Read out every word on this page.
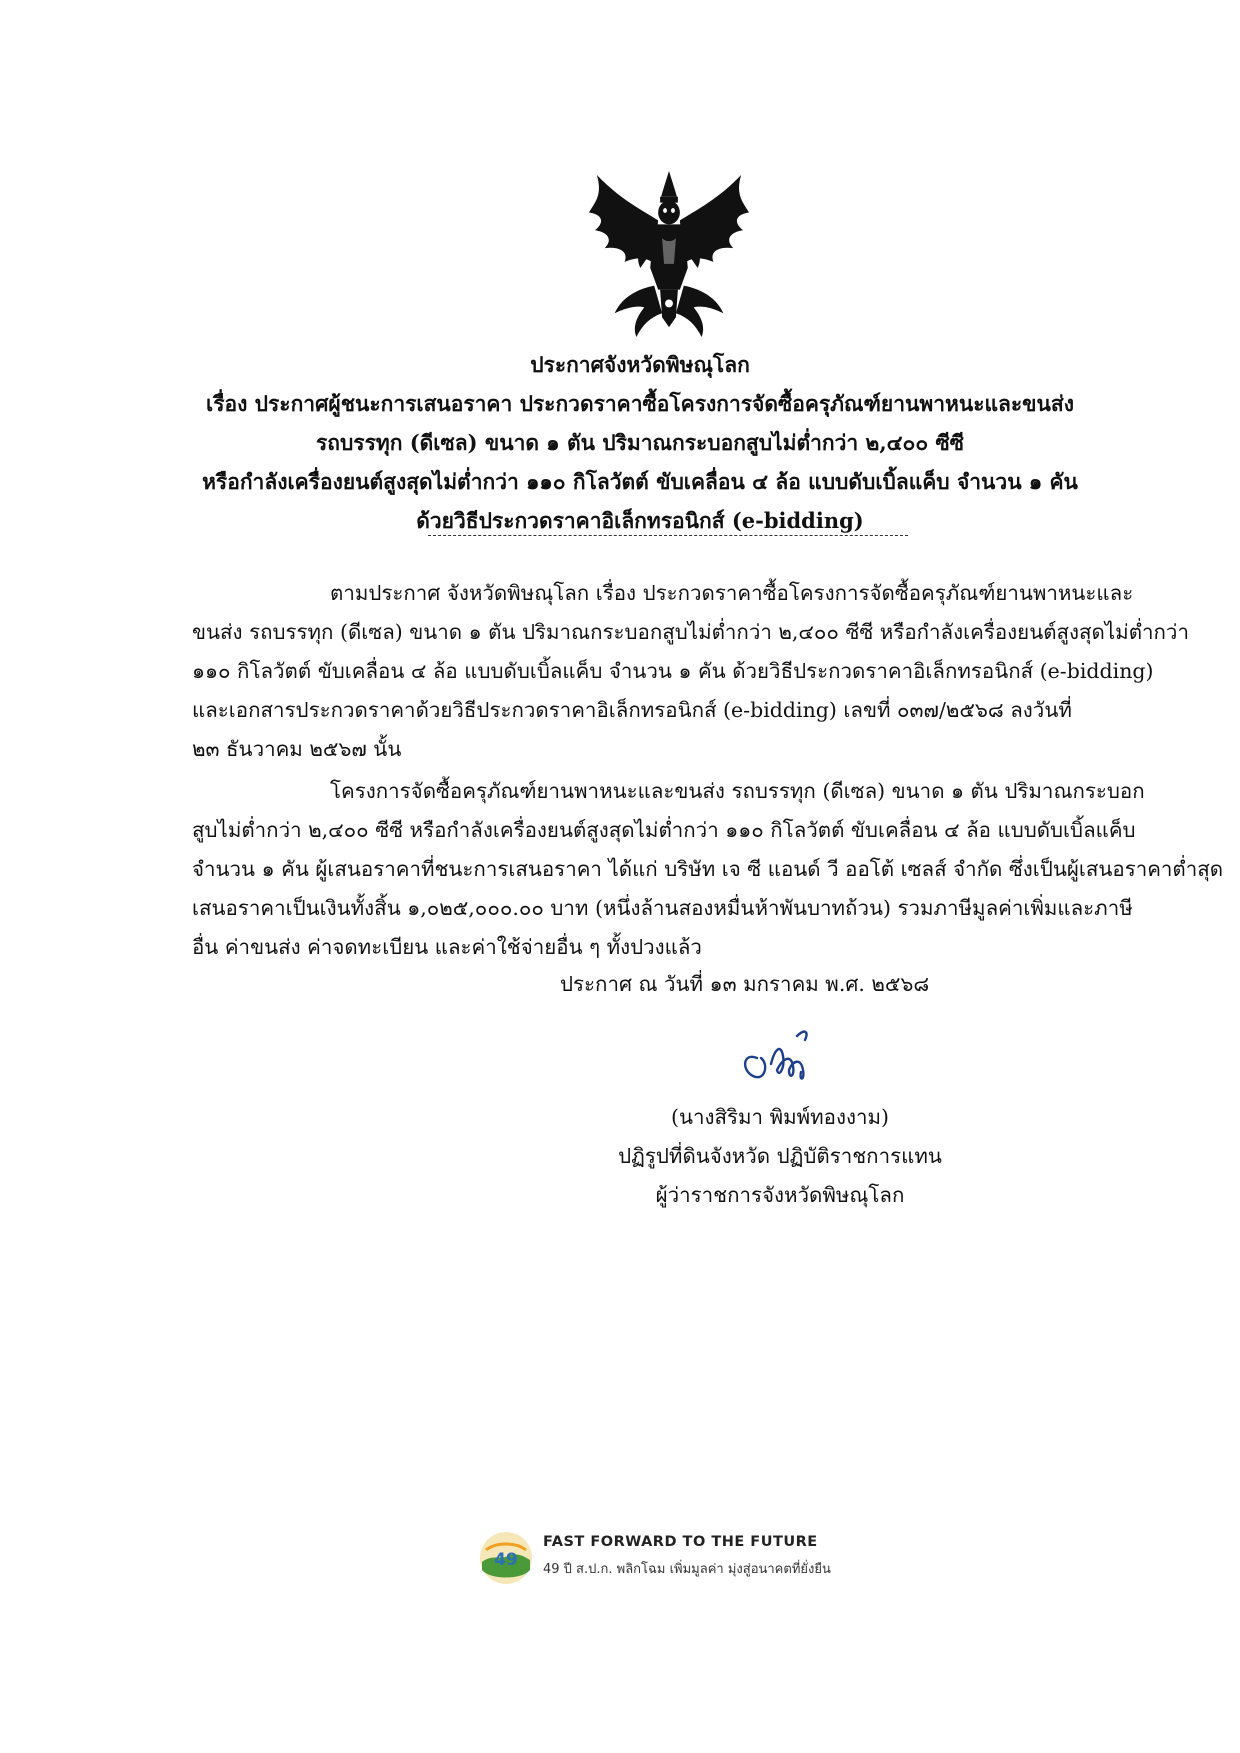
ประกาศจังหวัดพิษณุโลก
เรื่อง ประกาศผู้ชนะการเสนอราคา ประกวดราคาซื้อโครงการจัดซื้อครุภัณฑ์ยานพาหนะและขนส่ง
รถบรรทุก (ดีเซล) ขนาด ๑ ตัน ปริมาณกระบอกสูบไม่ต่ำกว่า ๒,๔๐๐ ซีซี
หรือกำลังเครื่องยนต์สูงสุดไม่ต่ำกว่า ๑๑๐ กิโลวัตต์ ขับเคลื่อน ๔ ล้อ แบบดับเบิ้ลแค็บ จำนวน ๑ คัน
ด้วยวิธีประกวดราคาอิเล็กทรอนิกส์ (e-bidding)
ตามประกาศ จังหวัดพิษณุโลก เรื่อง ประกวดราคาซื้อโครงการจัดซื้อครุภัณฑ์ยานพาหนะและ
ขนส่ง รถบรรทุก (ดีเซล) ขนาด ๑ ตัน ปริมาณกระบอกสูบไม่ต่ำกว่า ๒,๔๐๐ ซีซี หรือกำลังเครื่องยนต์สูงสุดไม่ต่ำกว่า
๑๑๐ กิโลวัตต์ ขับเคลื่อน ๔ ล้อ แบบดับเบิ้ลแค็บ จำนวน ๑ คัน ด้วยวิธีประกวดราคาอิเล็กทรอนิกส์ (e-bidding)
และเอกสารประกวดราคาด้วยวิธีประกวดราคาอิเล็กทรอนิกส์ (e-bidding) เลขที่ ๐๓๗/๒๕๖๘ ลงวันที่
๒๓ ธันวาคม ๒๕๖๗ นั้น
โครงการจัดซื้อครุภัณฑ์ยานพาหนะและขนส่ง รถบรรทุก (ดีเซล) ขนาด ๑ ตัน ปริมาณกระบอก
สูบไม่ต่ำกว่า ๒,๔๐๐ ซีซี หรือกำลังเครื่องยนต์สูงสุดไม่ต่ำกว่า ๑๑๐ กิโลวัตต์ ขับเคลื่อน ๔ ล้อ แบบดับเบิ้ลแค็บ
จำนวน ๑ คัน ผู้เสนอราคาที่ชนะการเสนอราคา ได้แก่ บริษัท เจ ซี แอนด์ วี ออโต้ เซลส์ จำกัด ซึ่งเป็นผู้เสนอราคาต่ำสุด
เสนอราคาเป็นเงินทั้งสิ้น ๑,๐๒๕,๐๐๐.๐๐ บาท (หนึ่งล้านสองหมื่นห้าพันบาทถ้วน) รวมภาษีมูลค่าเพิ่มและภาษี
อื่น ค่าขนส่ง ค่าจดทะเบียน และค่าใช้จ่ายอื่น ๆ ทั้งปวงแล้ว
ประกาศ ณ วันที่ ๑๓ มกราคม พ.ศ. ๒๕๖๘
(นางสิริมา พิมพ์ทองงาม)
ปฏิรูปที่ดินจังหวัด ปฏิบัติราชการแทน
ผู้ว่าราชการจังหวัดพิษณุโลก
49
FAST FORWARD TO THE FUTURE
49 ปี ส.ป.ก. พลิกโฉม เพิ่มมูลค่า มุ่งสู่อนาคตที่ยั่งยืน
